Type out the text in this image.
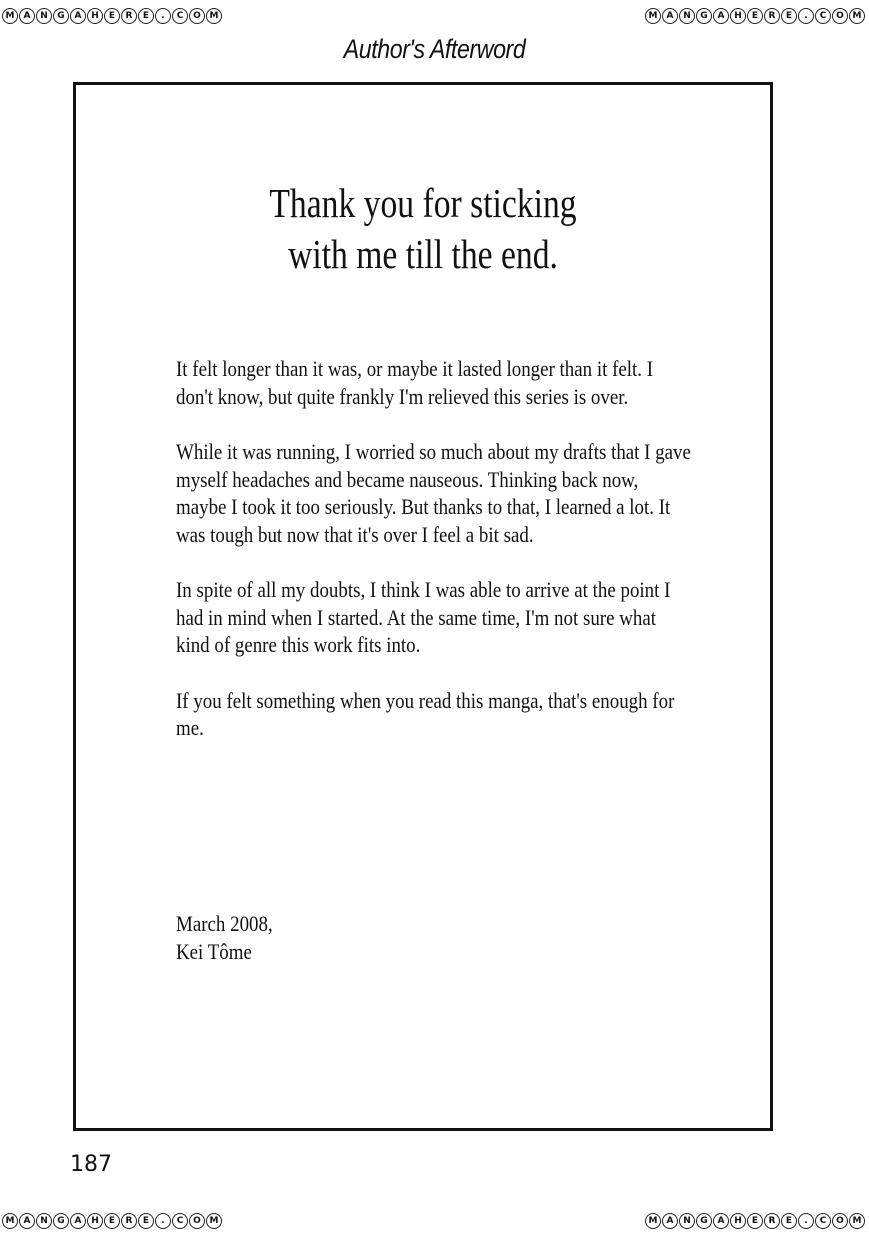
M	A	N	G	A	H	E	R	E	.	C	O M	M	A	N	G	A	H	E	R	E	.	C	O M
M	A	N	G	A	H	E	R	E	.	C	O M	M	A	N	G	A	H	E	R	E	.	C	O M
Author's Afterword
Thank you for sticking
with me till the end.

It felt longer than it was, or maybe it lasted longer than it felt. I don't know, but quite frankly I'm relieved this series is over.

While it was running, I worried so much about my drafts that I gave myself headaches and became nauseous. Thinking back now, maybe I took it too seriously. But thanks to that, I learned a lot. It was tough but now that it's over I feel a bit sad.

In spite of all my doubts, I think I was able to arrive at the point I had in mind when I started. At the same time, I'm not sure what kind of genre this work fits into.

If you felt something when you read this manga, that's enough for me.

March 2008,
Kei Tôme
187
